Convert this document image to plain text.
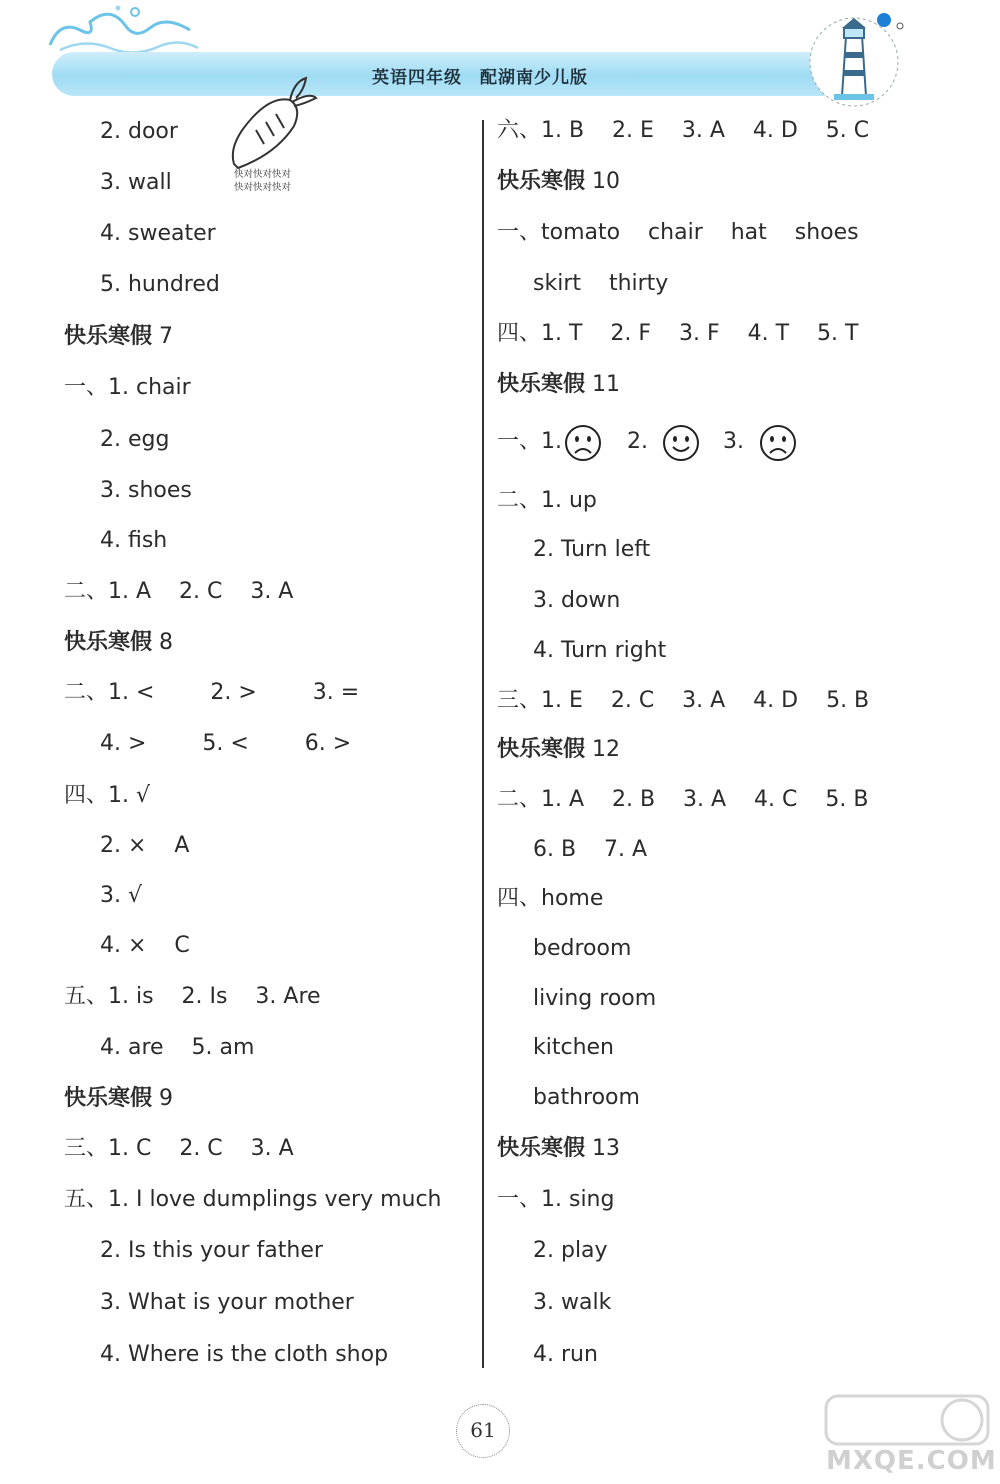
英语四年级　配湖南少儿版
快对快对快对
快对快对快对
2. door
3. wall
4. sweater
5. hundred
快乐寒假 7
一、1. chair
2. egg
3. shoes
4. fish
二、1. A    2. C    3. A
快乐寒假 8
二、1. <        2. >        3. =
4. >        5. <        6. >
四、1. √
2. ×    A
3. √
4. ×    C
五、1. is    2. Is    3. Are
4. are    5. am
快乐寒假 9
三、1. C    2. C    3. A
五、1. I love dumplings very much
2. Is this your father
3. What is your mother
4. Where is the cloth shop
六、1. B    2. E    3. A    4. D    5. C
快乐寒假 10
一、tomato    chair    hat    shoes
skirt    thirty
四、1. T    2. F    3. F    4. T    5. T
快乐寒假 11
一、1.	2.	3.
二、1. up
2. Turn left
3. down
4. Turn right
三、1. E    2. C    3. A    4. D    5. B
快乐寒假 12
二、1. A    2. B    3. A    4. C    5. B
6. B    7. A
四、home
bedroom
living room
kitchen
bathroom
快乐寒假 13
一、1. sing
2. play
3. walk
4. run
61
MXQE.COM
